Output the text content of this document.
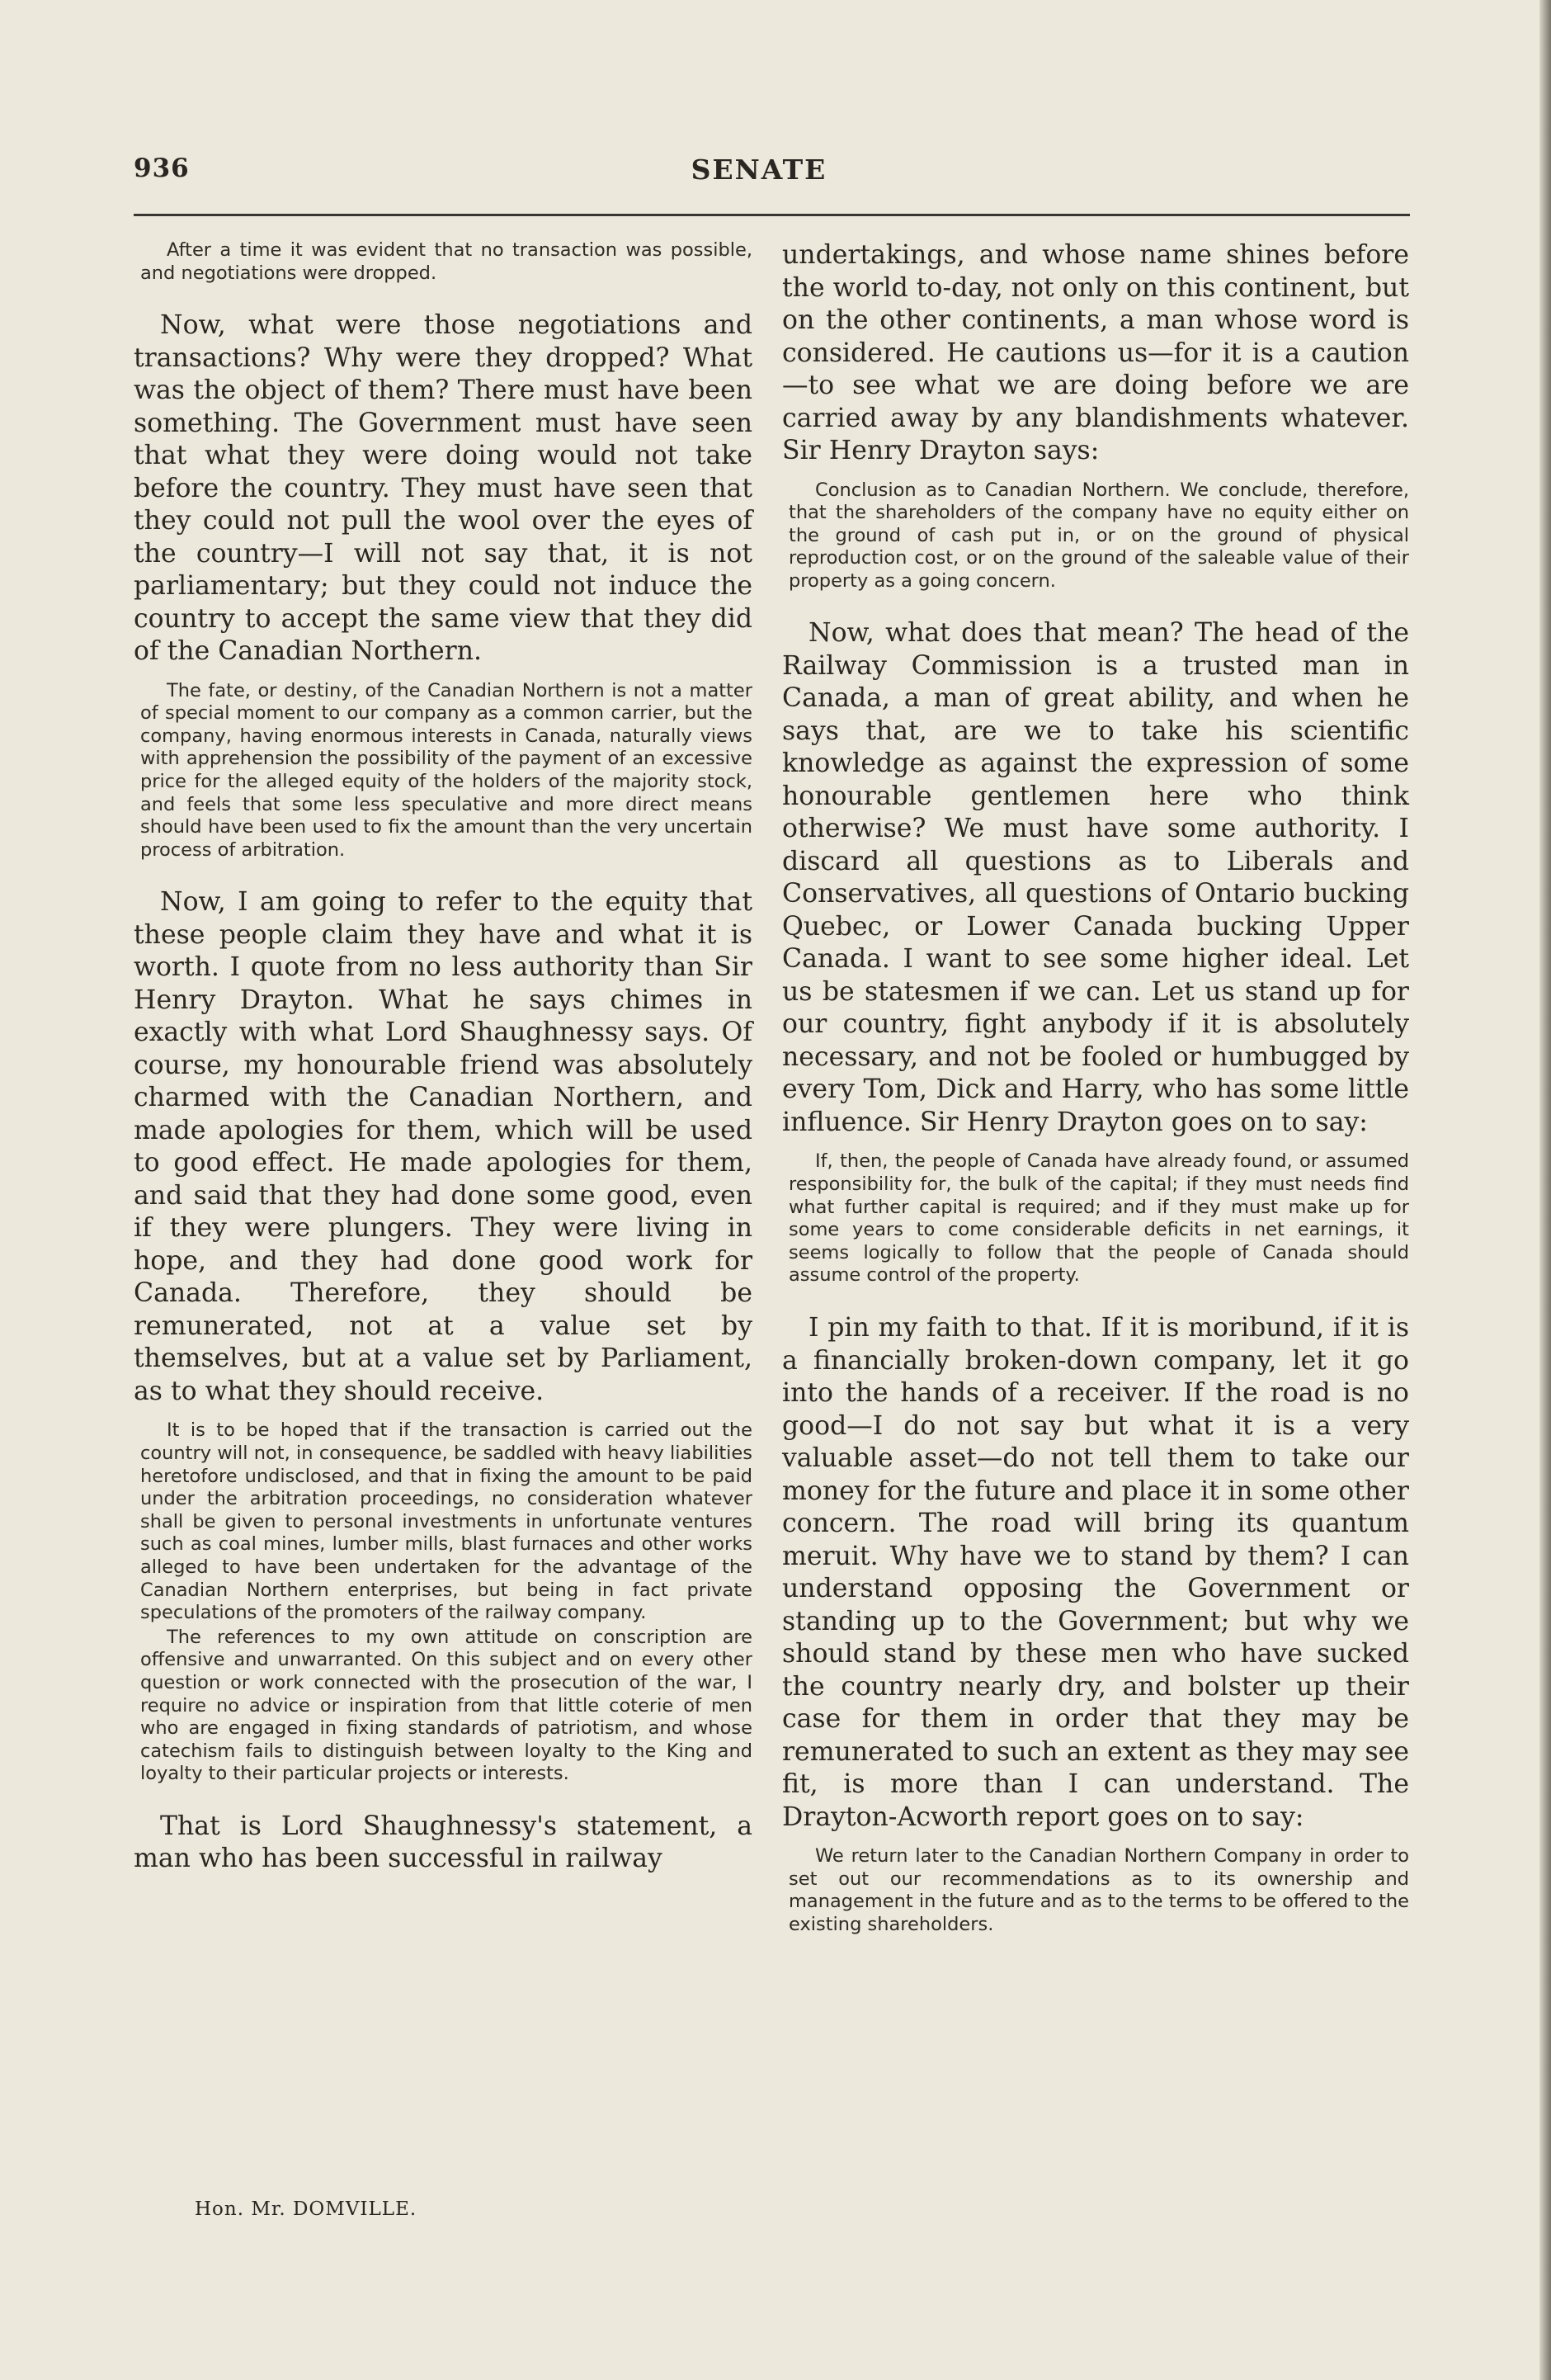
936	SENATE

After a time it was evident that no transaction was possible, and negotiations were dropped.

Now, what were those negotiations and transactions? Why were they dropped? What was the object of them? There must have been something. The Government must have seen that what they were doing would not take before the country. They must have seen that they could not pull the wool over the eyes of the country—I will not say that, it is not parliamentary; but they could not induce the country to accept the same view that they did of the Canadian Northern.

The fate, or destiny, of the Canadian Northern is not a matter of special moment to our company as a common carrier, but the company, having enormous interests in Canada, naturally views with apprehension the possibility of the payment of an excessive price for the alleged equity of the holders of the majority stock, and feels that some less speculative and more direct means should have been used to fix the amount than the very uncertain process of arbitration.

Now, I am going to refer to the equity that these people claim they have and what it is worth. I quote from no less authority than Sir Henry Drayton. What he says chimes in exactly with what Lord Shaughnessy says. Of course, my honourable friend was absolutely charmed with the Canadian Northern, and made apologies for them, which will be used to good effect. He made apologies for them, and said that they had done some good, even if they were plungers. They were living in hope, and they had done good work for Canada. Therefore, they should be remunerated, not at a value set by themselves, but at a value set by Parliament, as to what they should receive.

It is to be hoped that if the transaction is carried out the country will not, in consequence, be saddled with heavy liabilities heretofore undisclosed, and that in fixing the amount to be paid under the arbitration proceedings, no consideration whatever shall be given to personal investments in unfortunate ventures such as coal mines, lumber mills, blast furnaces and other works alleged to have been undertaken for the advantage of the Canadian Northern enterprises, but being in fact private speculations of the promoters of the railway company.

The references to my own attitude on conscription are offensive and unwarranted. On this subject and on every other question or work connected with the prosecution of the war, I require no advice or inspiration from that little coterie of men who are engaged in fixing standards of patriotism, and whose catechism fails to distinguish between loyalty to the King and loyalty to their particular projects or interests.

That is Lord Shaughnessy's statement, a man who has been successful in railway

undertakings, and whose name shines before the world to-day, not only on this continent, but on the other continents, a man whose word is considered. He cautions us—for it is a caution—to see what we are doing before we are carried away by any blandishments whatever. Sir Henry Drayton says:

Conclusion as to Canadian Northern. We conclude, therefore, that the shareholders of the company have no equity either on the ground of cash put in, or on the ground of physical reproduction cost, or on the ground of the saleable value of their property as a going concern.

Now, what does that mean? The head of the Railway Commission is a trusted man in Canada, a man of great ability, and when he says that, are we to take his scientific knowledge as against the expression of some honourable gentlemen here who think otherwise? We must have some authority. I discard all questions as to Liberals and Conservatives, all questions of Ontario bucking Quebec, or Lower Canada bucking Upper Canada. I want to see some higher ideal. Let us be statesmen if we can. Let us stand up for our country, fight anybody if it is absolutely necessary, and not be fooled or humbugged by every Tom, Dick and Harry, who has some little influence. Sir Henry Drayton goes on to say:

If, then, the people of Canada have already found, or assumed responsibility for, the bulk of the capital; if they must needs find what further capital is required; and if they must make up for some years to come considerable deficits in net earnings, it seems logically to follow that the people of Canada should assume control of the property.

I pin my faith to that. If it is moribund, if it is a financially broken-down company, let it go into the hands of a receiver. If the road is no good—I do not say but what it is a very valuable asset—do not tell them to take our money for the future and place it in some other concern. The road will bring its quantum meruit. Why have we to stand by them? I can understand opposing the Government or standing up to the Government; but why we should stand by these men who have sucked the country nearly dry, and bolster up their case for them in order that they may be remunerated to such an extent as they may see fit, is more than I can understand. The Drayton-Acworth report goes on to say:

We return later to the Canadian Northern Company in order to set out our recommendations as to its ownership and management in the future and as to the terms to be offered to the existing shareholders.

Hon. Mr. DOMVILLE.
